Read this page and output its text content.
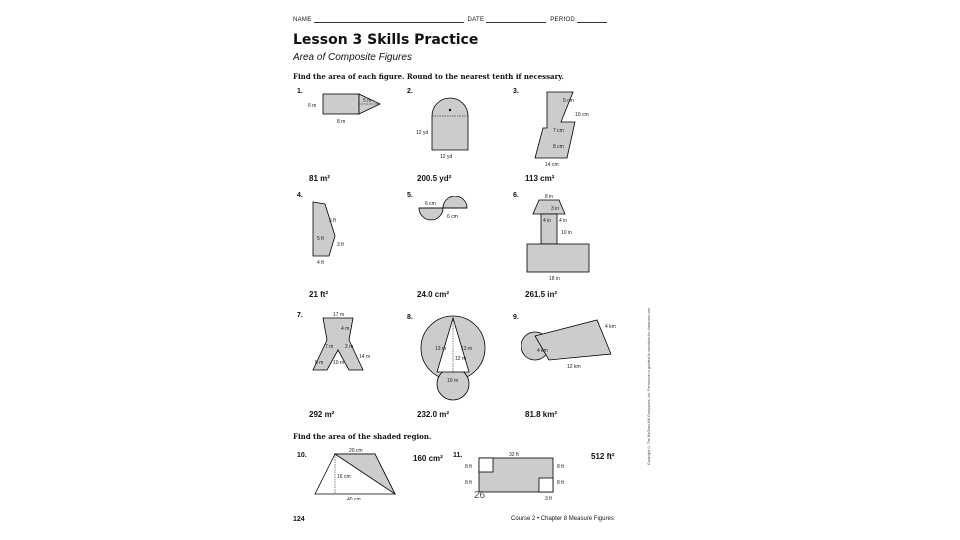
NAME	DATE	PERIOD
Lesson 3 Skills Practice
Area of Composite Figures
Find the area of each figure. Round to the nearest tenth if necessary.
1.
6 m
8 m
5 m
81 m²
2.
12 yd
12 yd
200.5 yd²
3.
5 cm
10 cm
7 cm
8 cm
14 cm
113 cm²
4.
5 ft
5 ft
3 ft
4 ft
21 ft²
5.
6 cm
6 cm
24.0 cm²
6.	8 in
3 in
4 in 4 in
10 in
18 in
261.5 in²
7.	17 m
4 m
7 m 2 m
8 m 10 m
14 m
292 m²
8.
13 m	13 m
12 m
10 m
232.0 m²
9.
4 km
4 km
12 km
81.8 km²
Find the area of the shaded region.
10.
20 cm
16 cm
40 cm
160 cm² 11.	32 ft
8 ft	8 ft
8 ft	8 ft
3 ft
512 ft²
124	Course 2 • Chapter 8 Measure Figures
Copyright © The McGraw-Hill Companies, Inc. Permission is granted to reproduce for classroom use.
26
